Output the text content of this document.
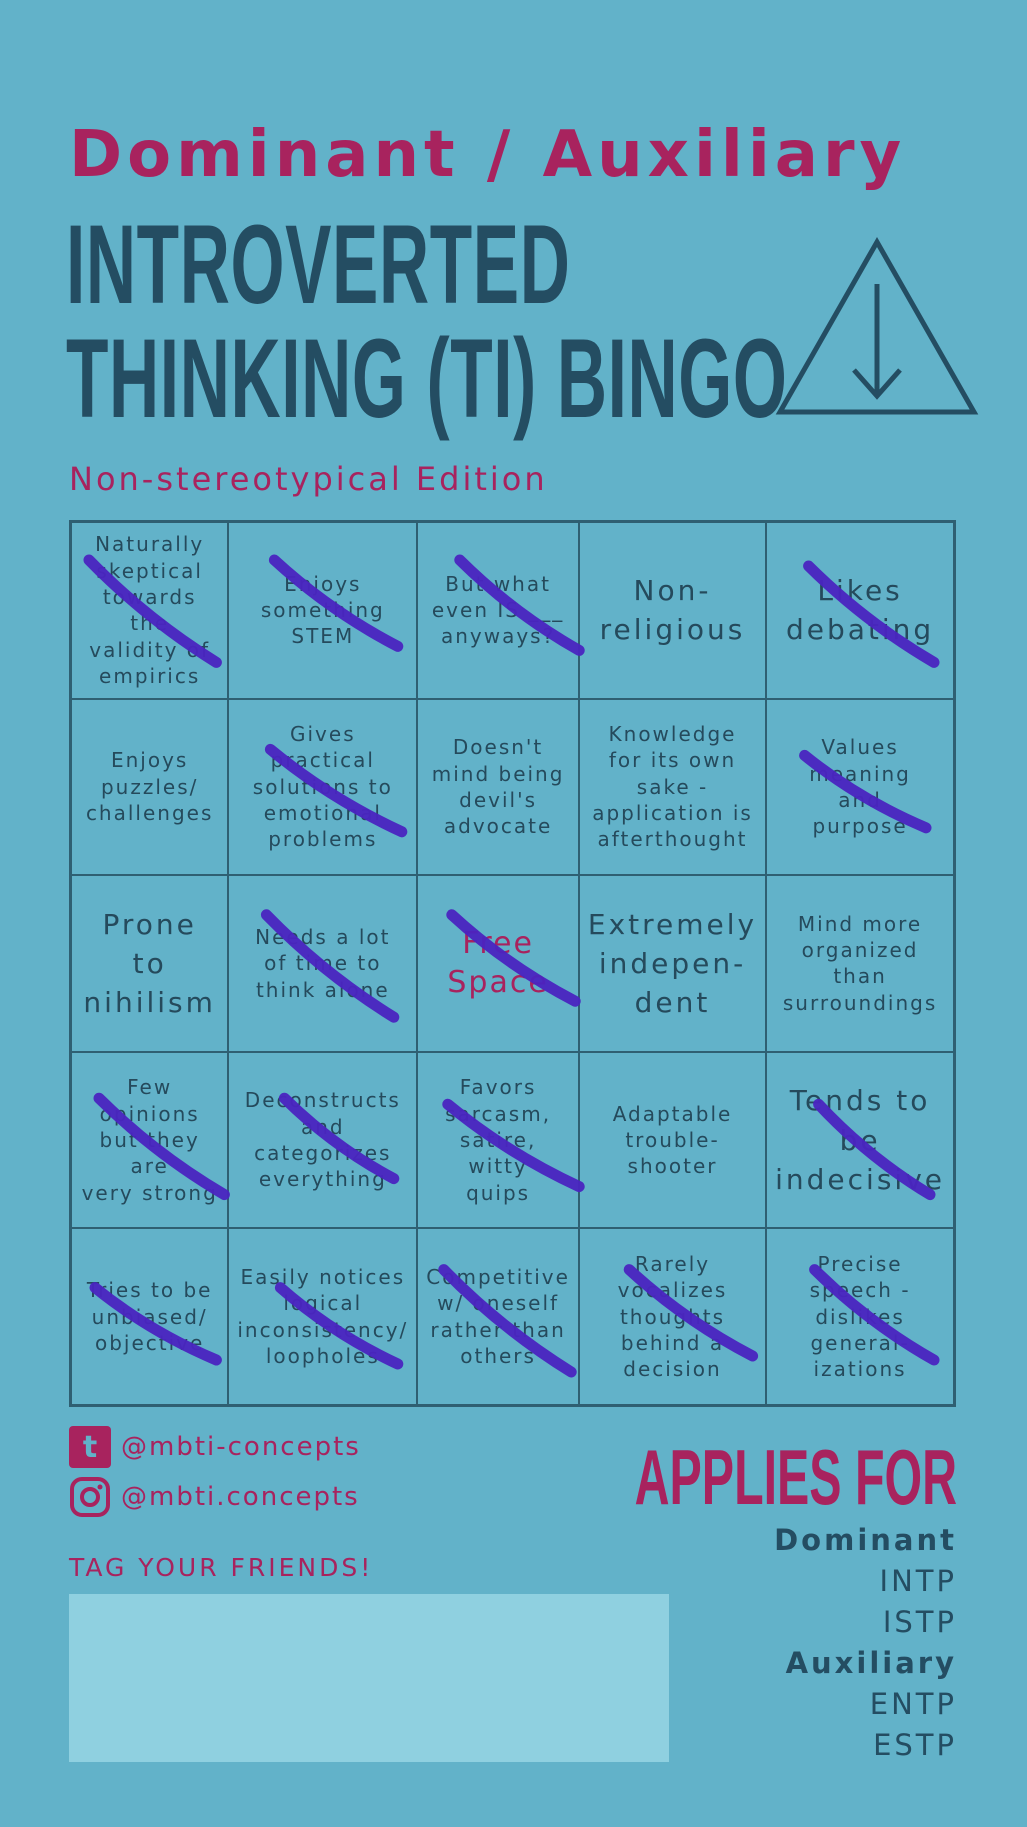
Dominant / Auxiliary
INTROVERTED
THINKING (TI) BINGO
Non-stereotypical Edition
Naturally
skeptical
towards the
validity of
empirics
Enjoys
something
STEM
But what
even IS ___
anyways?
Non-
religious
Likes
debating
Enjoys
puzzles/
challenges
Gives
practical
solutions to
emotional
problems
Doesn't
mind being
devil's
advocate
Knowledge
for its own
sake -
application is
afterthought
Values
meaning
and
purpose
Prone to
nihilism
Needs a lot
of time to
think alone
Free
Space
Extremely
indepen-
dent
Mind more
organized
than
surroundings
Few opinions
but they are
very strong
Deconstructs
and
categorizes
everything
Favors
sarcasm,
satire, witty
quips
Adaptable
trouble-
shooter
Tends to
be
indecisive
Tries to be
unbiased/
objective
Easily notices
logical
inconsistency/
loopholes
Competitive
w/ oneself
rather than
others
Rarely
vocalizes
thoughts
behind a
decision
Precise
speech -
dislikes
general-
izations
t @mbti-concepts
@mbti.concepts
TAG YOUR FRIENDS!
APPLIES FOR
Dominant
INTP
ISTP
Auxiliary
ENTP
ESTP
